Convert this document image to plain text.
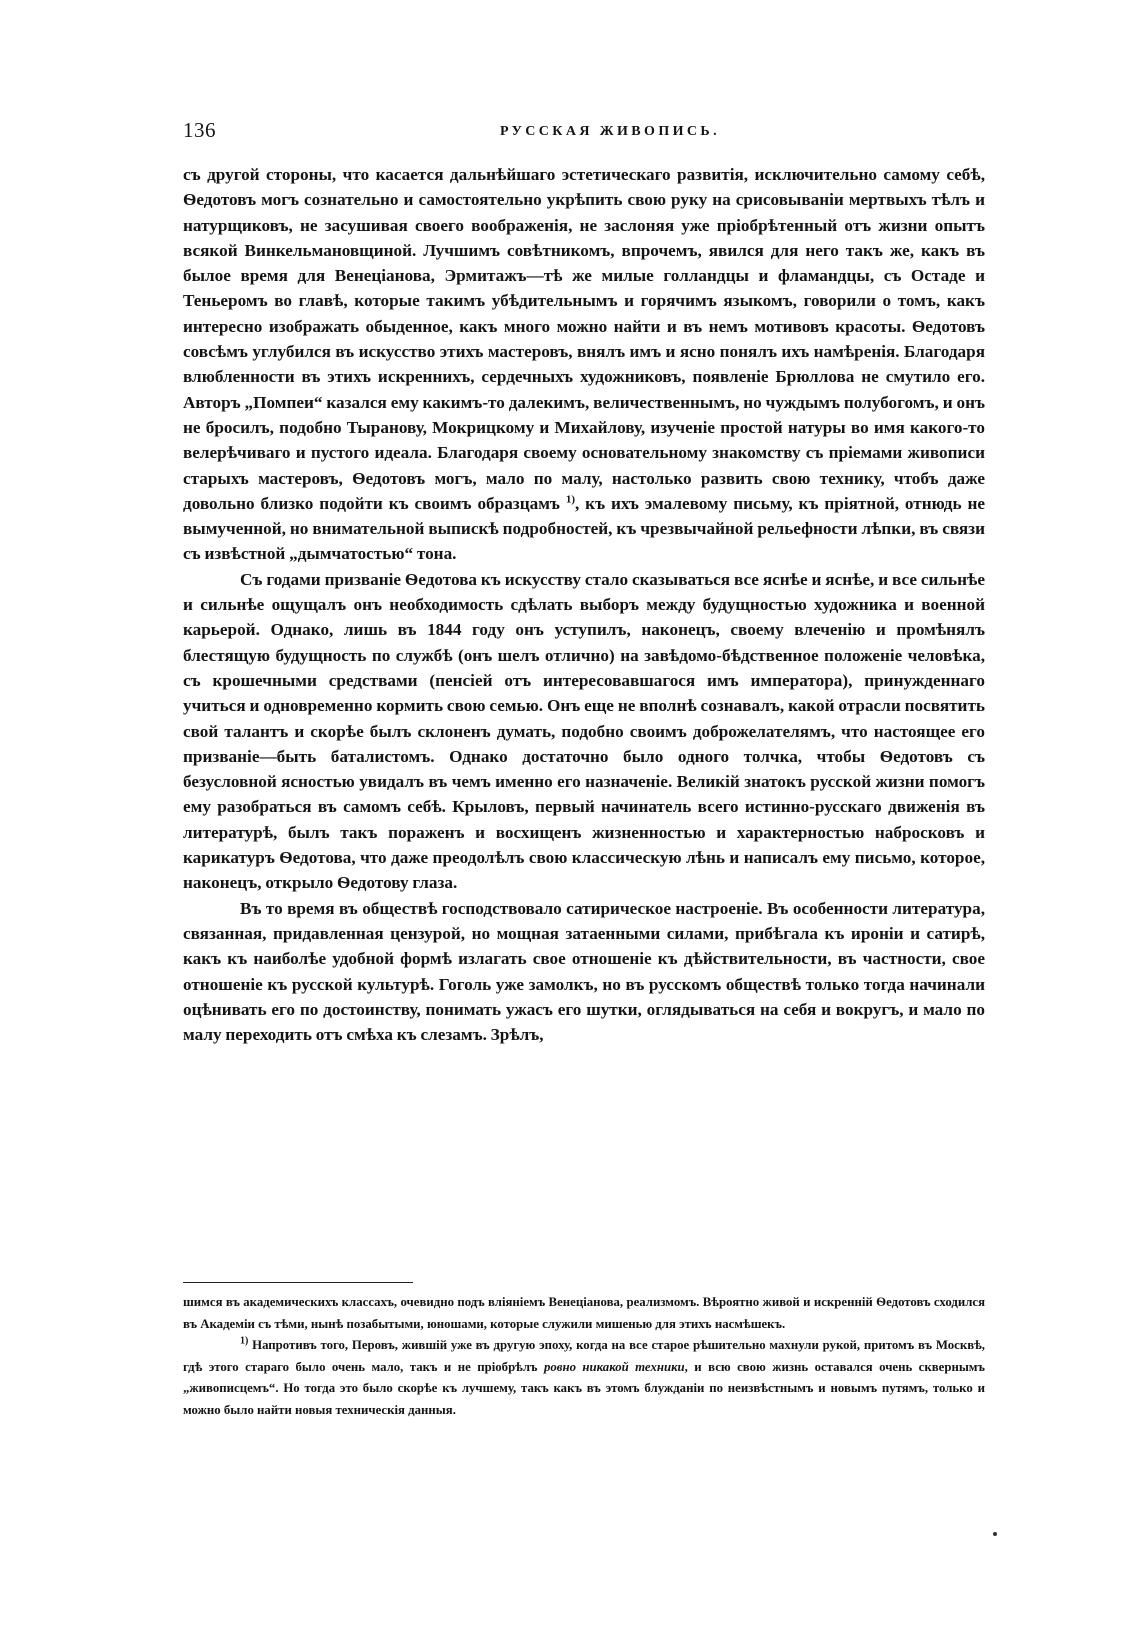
136	РУССКАЯ ЖИВОПИСЬ.

съ другой стороны, что касается дальнѣйшаго эстетическаго развитія, исключительно самому себѣ, Ѳедотовъ могъ сознательно и самостоятельно укрѣпить свою руку на срисовываніи мертвыхъ тѣлъ и натурщиковъ, не засушивая своего воображенія, не заслоняя уже пріобрѣтенный отъ жизни опытъ всякой Винкельмановщиной. Лучшимъ совѣтникомъ, впрочемъ, явился для него такъ же, какъ въ былое время для Венеціанова, Эрмитажъ—тѣ же милые голландцы и фламандцы, съ Остаде и Теньеромъ во главѣ, которые такимъ убѣдительнымъ и горячимъ языкомъ, говорили о томъ, какъ интересно изображать обыденное, какъ много можно найти и въ немъ мотивовъ красоты. Ѳедотовъ совсѣмъ углубился въ искусство этихъ мастеровъ, внялъ имъ и ясно понялъ ихъ намѣренія. Благодаря влюбленности въ этихъ искреннихъ, сердечныхъ художниковъ, появленіе Брюллова не смутило его. Авторъ „Помпеи“ казался ему какимъ-то далекимъ, величественнымъ, но чуждымъ полубогомъ, и онъ не бросилъ, подобно Тыранову, Мокрицкому и Михайлову, изученіе простой натуры во имя какого-то велерѣчиваго и пустого идеала. Благодаря своему основательному знакомству съ пріемами живописи старыхъ мастеровъ, Ѳедотовъ могъ, мало по малу, настолько развить свою технику, чтобъ даже довольно близко подойти къ своимъ образцамъ $^{1)}$, къ ихъ эмалевому письму, къ пріятной, отнюдь не вымученной, но внимательной выпискѣ подробностей, къ чрезвычайной рельефности лѣпки, въ связи съ извѣстной „дымчатостью“ тона.

Съ годами призваніе Ѳедотова къ искусству стало сказываться все яснѣе и яснѣе, и все сильнѣе и сильнѣе ощущалъ онъ необходимость сдѣлать выборъ между будущностью художника и военной карьерой. Однако, лишь въ 1844 году онъ уступилъ, наконецъ, своему влеченію и промѣнялъ блестящую будущность по службѣ (онъ шелъ отлично) на завѣдомо-бѣдственное положеніе человѣка, съ крошечными средствами (пенсіей отъ интересовавшагося имъ императора), принужденнаго учиться и одновременно кормить свою семью. Онъ еще не вполнѣ сознавалъ, какой отрасли посвятить свой талантъ и скорѣе былъ склоненъ думать, подобно своимъ доброжелателямъ, что настоящее его призваніе—быть баталистомъ. Однако достаточно было одного толчка, чтобы Ѳедотовъ съ безусловной ясностью увидалъ въ чемъ именно его назначеніе. Великій знатокъ русской жизни помогъ ему разобраться въ самомъ себѣ. Крыловъ, первый начинатель всего истинно-русскаго движенія въ литературѣ, былъ такъ пораженъ и восхищенъ жизненностью и характерностью набросковъ и карикатуръ Ѳедотова, что даже преодолѣлъ свою классическую лѣнь и написалъ ему письмо, которое, наконецъ, открыло Ѳедотову глаза.

Въ то время въ обществѣ господствовало сатирическое настроеніе. Въ особенности литература, связанная, придавленная цензурой, но мощная затаенными силами, прибѣгала къ ироніи и сатирѣ, какъ къ наиболѣе удобной формѣ излагать свое отношеніе къ дѣйствительности, въ частности, свое отношеніе къ русской культурѣ. Гоголь уже замолкъ, но въ русскомъ обществѣ только тогда начинали оцѣнивать его по достоинству, понимать ужасъ его шутки, оглядываться на себя и вокругъ, и мало по малу переходить отъ смѣха къ слезамъ. Зрѣлъ,

шимся въ академическихъ классахъ, очевидно подъ вліяніемъ Венеціанова, реализмомъ. Вѣроятно живой и искренній Ѳедотовъ сходился въ Академіи съ тѣми, нынѣ позабытыми, юношами, которые служили мишенью для этихъ насмѣшекъ.

$^{1)}$ Напротивъ того, Перовъ, жившій уже въ другую эпоху, когда на все старое рѣшительно махнули рукой, притомъ въ Москвѣ, гдѣ этого стараго было очень мало, такъ и не пріобрѣлъ ровно никакой техники, и всю свою жизнь оставался очень сквернымъ „живописцемъ“. Но тогда это было скорѣе къ лучшему, такъ какъ въ этомъ блужданіи по неизвѣстнымъ и новымъ путямъ, только и можно было найти новыя техническія данныя.
